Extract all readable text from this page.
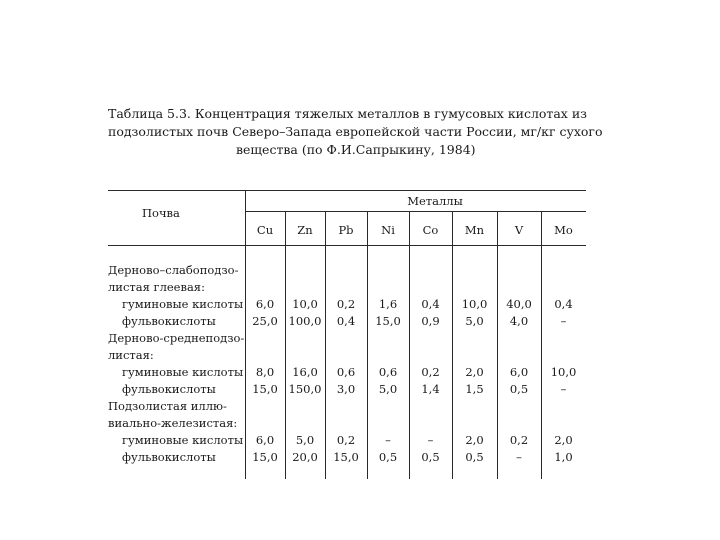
Таблица 5.3. Концентрация тяжелых металлов в гумусовых кислотах из
подзолистых почв Северо–Запада европейской части России, мг/кг сухого
вещества (по Ф.И.Сапрыкину, 1984)
Почва
Металлы
Cu	Zn	Pb	Ni	Co	Mn	V	Mo
Дерново–слабоподзо-
листая глеевая:
гуминовые кислоты	6,0	10,0	0,2	1,6	0,4	10,0	40,0	0,4
фульвокислоты	25,0 100,0	0,4	15,0	0,9	5,0	4,0	–
Дерново-среднеподзо-
листая:
гуминовые кислоты	8,0	16,0	0,6	0,6	0,2	2,0	6,0	10,0
фульвокислоты	15,0 150,0	3,0	5,0	1,4	1,5	0,5	–
Подзолистая иллю-
виально-железистая:
гуминовые кислоты	6,0	5,0	0,2	–	–	2,0	0,2	2,0
фульвокислоты	15,0	20,0	15,0	0,5	0,5	0,5	–	1,0
